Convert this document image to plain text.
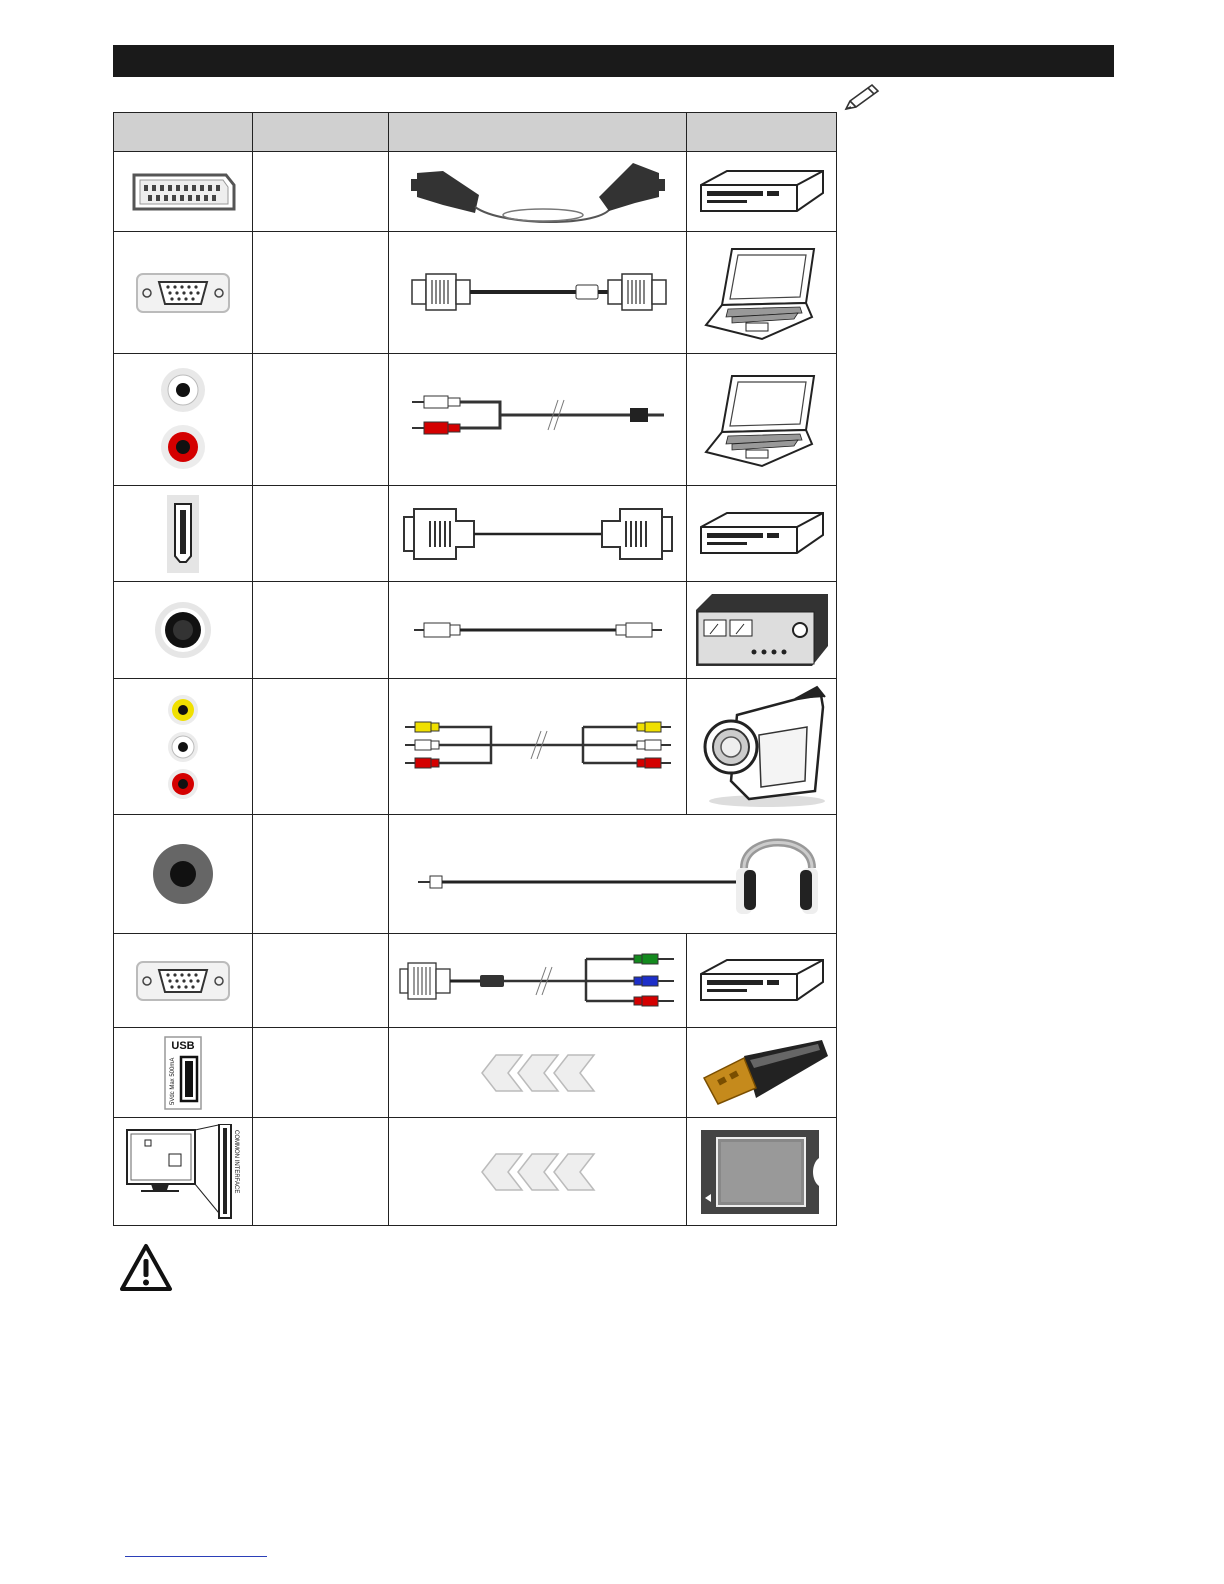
USB
5Vdc Max 500mA

COMMON INTERFACE
